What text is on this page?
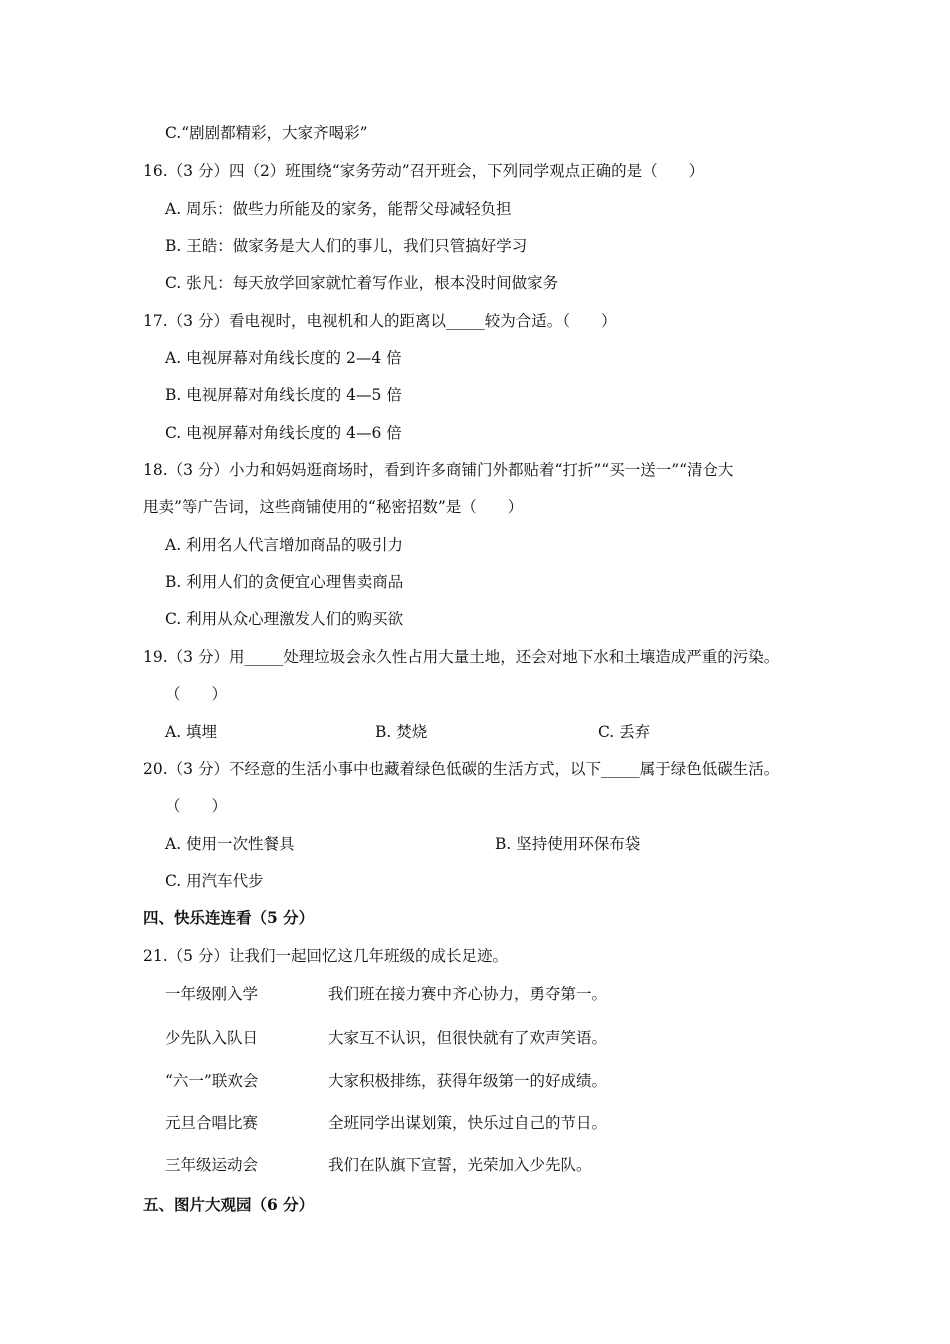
C.“剧剧都精彩，大家齐喝彩”
16.（3 分）四（2）班围绕“家务劳动”召开班会，下列同学观点正确的是（　　）
A. 周乐：做些力所能及的家务，能帮父母减轻负担
B. 王皓：做家务是大人们的事儿，我们只管搞好学习
C. 张凡：每天放学回家就忙着写作业，根本没时间做家务
17.（3 分）看电视时，电视机和人的距离以_____较为合适。（　　）
A. 电视屏幕对角线长度的 2—4 倍
B. 电视屏幕对角线长度的 4—5 倍
C. 电视屏幕对角线长度的 4—6 倍
18.（3 分）小力和妈妈逛商场时，看到许多商铺门外都贴着“打折”“买一送一”“清仓大
甩卖”等广告词，这些商铺使用的“秘密招数”是（　　）
A. 利用名人代言增加商品的吸引力
B. 利用人们的贪便宜心理售卖商品
C. 利用从众心理激发人们的购买欲
19.（3 分）用_____处理垃圾会永久性占用大量土地，还会对地下水和土壤造成严重的污染。
（　　）
A. 填埋	B. 焚烧	C. 丢弃
20.（3 分）不经意的生活小事中也藏着绿色低碳的生活方式，以下_____属于绿色低碳生活。
（　　）
A. 使用一次性餐具	B. 坚持使用环保布袋
C. 用汽车代步
四、快乐连连看（5 分）
21.（5 分）让我们一起回忆这几年班级的成长足迹。
一年级刚入学	我们班在接力赛中齐心协力，勇夺第一。
少先队入队日	大家互不认识，但很快就有了欢声笑语。
“六一”联欢会	大家积极排练，获得年级第一的好成绩。
元旦合唱比赛	全班同学出谋划策，快乐过自己的节日。
三年级运动会	我们在队旗下宣誓，光荣加入少先队。
五、图片大观园（6 分）
